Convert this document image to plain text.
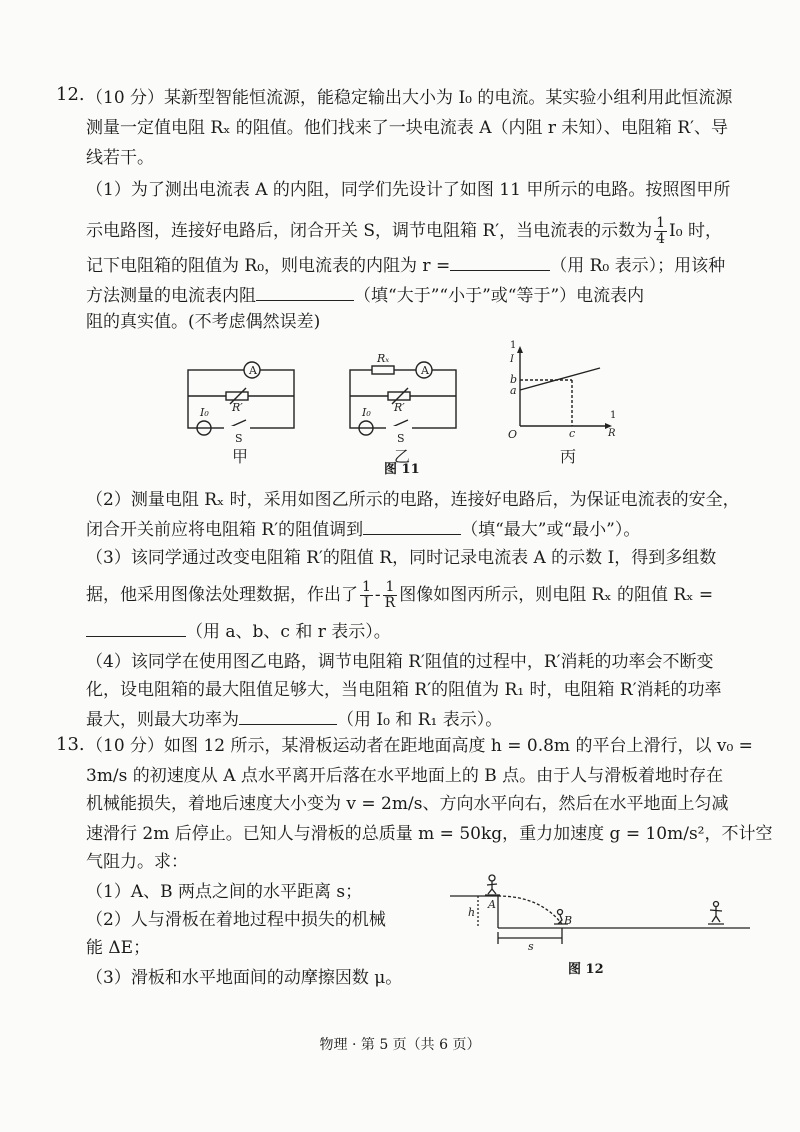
12. （10 分）某新型智能恒流源，能稳定输出大小为 I₀ 的电流。某实验小组利用此恒流源
测量一定值电阻 Rₓ 的阻值。他们找来了一块电流表 A（内阻 r 未知）、电阻箱 R′、导
线若干。
（1）为了测出电流表 A 的内阻，同学们先设计了如图 11 甲所示的电路。按照图甲所
示电路图，连接好电路后，闭合开关 S，调节电阻箱 R′，当电流表的示数为 $\frac{1}{4} I_0$ 时，
记下电阻箱的阻值为 R₀，则电流表的内阻为 r =	（用 R₀ 表示）；用该种
方法测量的电流表内阻	（填“大于”“小于”或“等于”）电流表内
阻的真实值。(不考虑偶然误差)
A
R′
I₀
S
甲
A
Rₓ
R′
I₀
S
乙
1
I
1
R
O
a
b
c
丙
图 11
（2）测量电阻 Rₓ 时，采用如图乙所示的电路，连接好电路后，为保证电流表的安全，
闭合开关前应将电阻箱 R′的阻值调到	（填“最大”或“最小”）。
（3）该同学通过改变电阻箱 R′的阻值 R，同时记录电流表 A 的示数 I，得到多组数
据，他采用图像法处理数据，作出了 $\frac{1}{I} - \frac{1}{R}$ 图像如图丙所示，则电阻 Rₓ 的阻值 Rₓ =
（用 a、b、c 和 r 表示）。
（4）该同学在使用图乙电路，调节电阻箱 R′阻值的过程中，R′消耗的功率会不断变
化，设电阻箱的最大阻值足够大，当电阻箱 R′的阻值为 R₁ 时，电阻箱 R′消耗的功率
最大，则最大功率为	（用 I₀ 和 R₁ 表示）。
13. （10 分）如图 12 所示，某滑板运动者在距地面高度 h = 0.8m 的平台上滑行，以 v₀ =
3m/s 的初速度从 A 点水平离开后落在水平地面上的 B 点。由于人与滑板着地时存在
机械能损失，着地后速度大小变为 v = 2m/s、方向水平向右，然后在水平地面上匀减
速滑行 2m 后停止。已知人与滑板的总质量 m = 50kg，重力加速度 g = 10m/s²，不计空
气阻力。求：
（1）A、B 两点之间的水平距离 s；
（2）人与滑板在着地过程中损失的机械
能 ΔE；
（3）滑板和水平地面间的动摩擦因数 μ。
h
A
B
s
图 12
物理 · 第 5 页（共 6 页）
